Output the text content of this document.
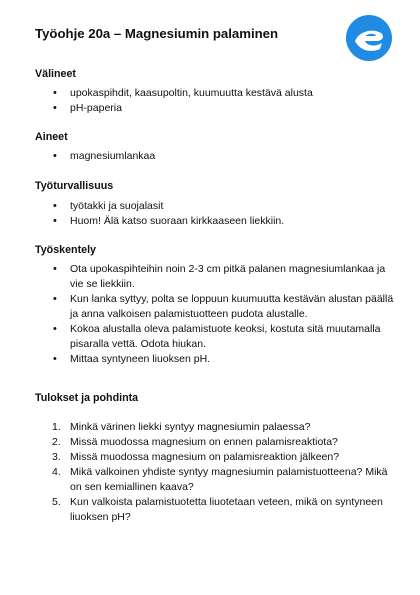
Työohje 20a – Magnesiumin palaminen
Välineet
• upokaspihdit, kaasupoltin, kuumuutta kestävä alusta
• pH-paperia
Aineet
• magnesiumlankaa
Työturvallisuus
• työtakki ja suojalasit
• Huom! Älä katso suoraan kirkkaaseen liekkiin.
Työskentely
• Ota upokaspihteihin noin 2-3 cm pitkä palanen magnesiumlankaa ja vie se liekkiin.
• Kun lanka syttyy, polta se loppuun kuumuutta kestävän alustan päällä ja anna valkoisen palamistuotteen pudota alustalle.
• Kokoa alustalla oleva palamistuote keoksi, kostuta sitä muutamalla pisaralla vettä. Odota hiukan.
• Mittaa syntyneen liuoksen pH.
Tulokset ja pohdinta
1. Minkä värinen liekki syntyy magnesiumin palaessa?
2. Missä muodossa magnesium on ennen palamisreaktiota?
3. Missä muodossa magnesium on palamisreaktion jälkeen?
4. Mikä valkoinen yhdiste syntyy magnesiumin palamistuotteena? Mikä on sen kemiallinen kaava?
5. Kun valkoista palamistuotetta liuotetaan veteen, mikä on syntyneen liuoksen pH?
